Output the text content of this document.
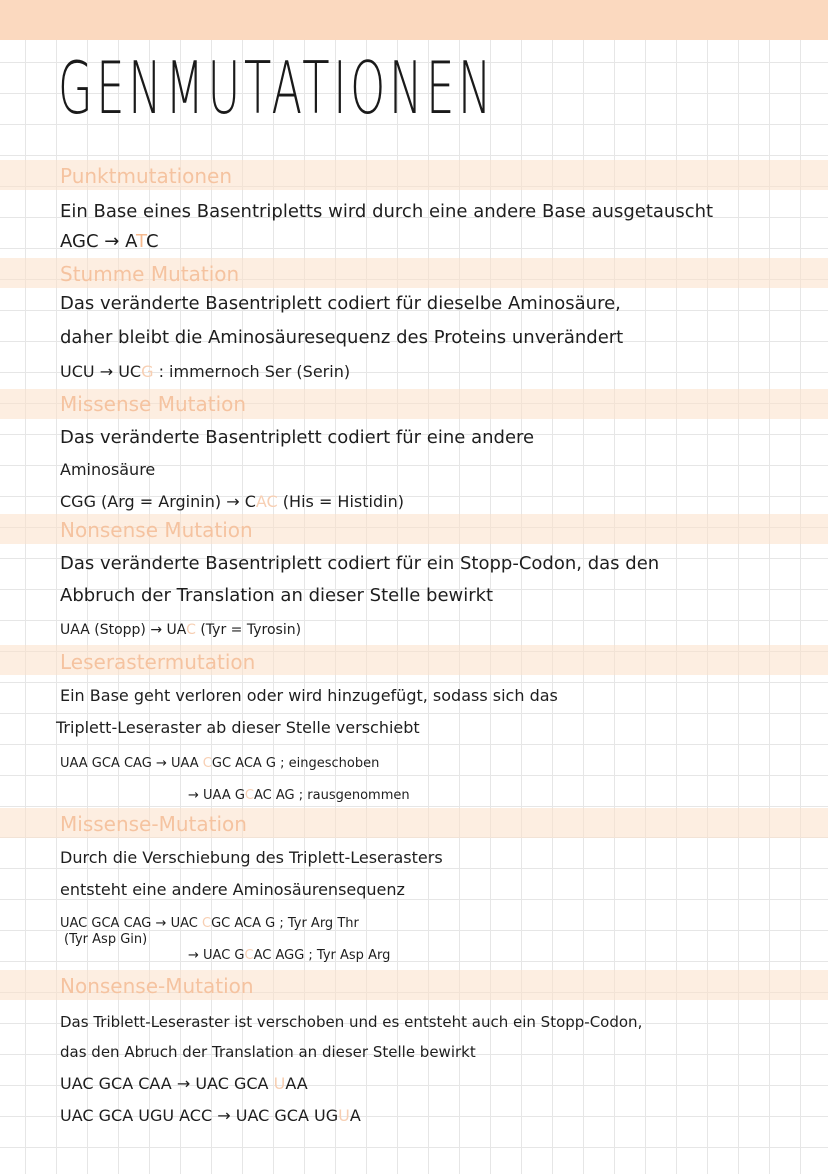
GENMUTATIONEN
Punktmutationen

Ein Base eines Basentripletts wird durch eine andere Base ausgetauscht

AGC → ATC

Stumme Mutation

Das veränderte Basentriplett codiert für dieselbe Aminosäure,

daher bleibt die Aminosäuresequenz des Proteins unverändert

UCU → UCG : immernoch Ser (Serin)

Missense Mutation

Das veränderte Basentriplett codiert für eine andere

Aminosäure

CGG (Arg = Arginin) → CAC (His = Histidin)

Nonsense Mutation

Das veränderte Basentriplett codiert für ein Stopp-Codon, das den

Abbruch der Translation an dieser Stelle bewirkt

UAA (Stopp) → UAC (Tyr = Tyrosin)

Leserastermutation

Ein Base geht verloren oder wird hinzugefügt, sodass sich das

Triplett-Leseraster ab dieser Stelle verschiebt

UAA GCA CAG → UAA CGC ACA G ; eingeschoben

→ UAA GCAC AG ; rausgenommen

Missense-Mutation

Durch die Verschiebung des Triplett-Leserasters

entsteht eine andere Aminosäurensequenz

UAC GCA CAG → UAC CGC ACA G ; Tyr Arg Thr

(Tyr Asp Gin)

→ UAC GCAC AGG ; Tyr Asp Arg

Nonsense-Mutation

Das Triblett-Leseraster ist verschoben und es entsteht auch ein Stopp-Codon,

das den Abruch der Translation an dieser Stelle bewirkt

UAC GCA CAA → UAC GCA UAA

UAC GCA UGU ACC → UAC GCA UGUA
